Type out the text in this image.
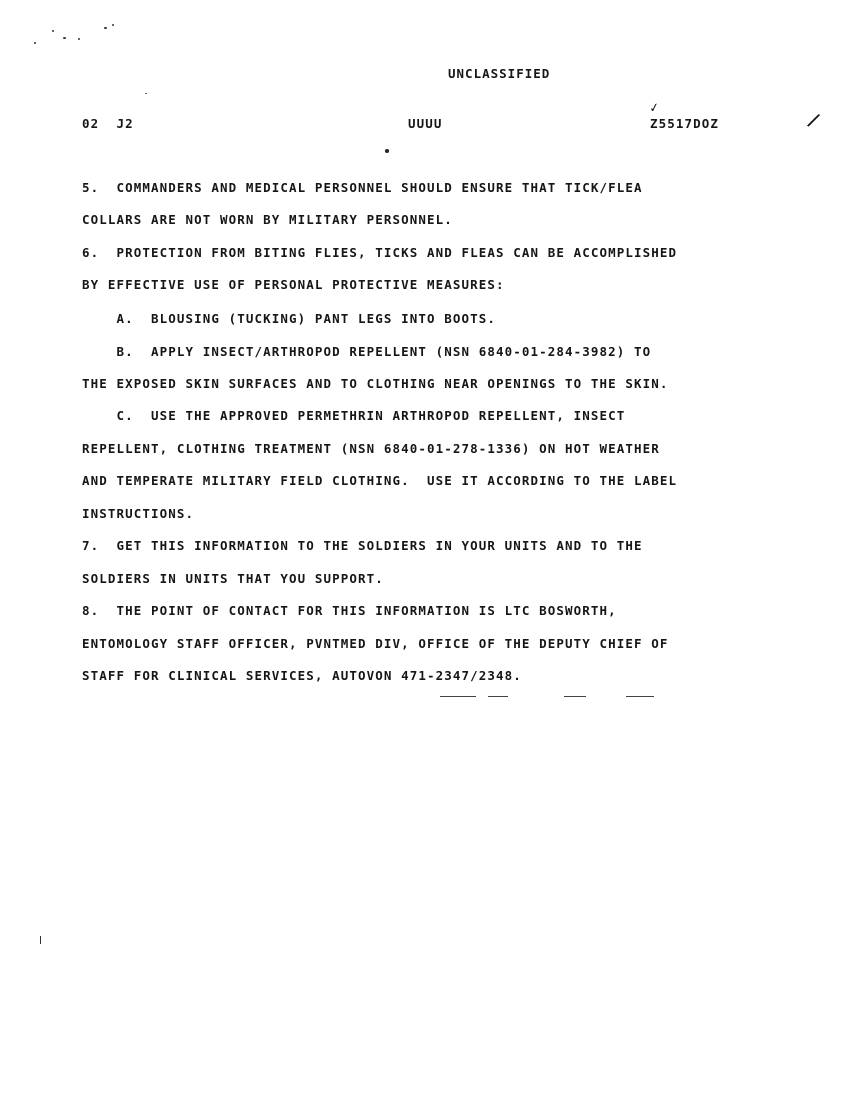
UNCLASSIFIED
02  J2	UUUU
✓
Z5517DOZ	/
5.  COMMANDERS AND MEDICAL PERSONNEL SHOULD ENSURE THAT TICK/FLEA
COLLARS ARE NOT WORN BY MILITARY PERSONNEL.
6.  PROTECTION FROM BITING FLIES, TICKS AND FLEAS CAN BE ACCOMPLISHED
BY EFFECTIVE USE OF PERSONAL PROTECTIVE MEASURES:
A.  BLOUSING (TUCKING) PANT LEGS INTO BOOTS.
B.  APPLY INSECT/ARTHROPOD REPELLENT (NSN 6840-01-284-3982) TO
THE EXPOSED SKIN SURFACES AND TO CLOTHING NEAR OPENINGS TO THE SKIN.
C.  USE THE APPROVED PERMETHRIN ARTHROPOD REPELLENT, INSECT
REPELLENT, CLOTHING TREATMENT (NSN 6840-01-278-1336) ON HOT WEATHER
AND TEMPERATE MILITARY FIELD CLOTHING.  USE IT ACCORDING TO THE LABEL
INSTRUCTIONS.
7.  GET THIS INFORMATION TO THE SOLDIERS IN YOUR UNITS AND TO THE
SOLDIERS IN UNITS THAT YOU SUPPORT.
8.  THE POINT OF CONTACT FOR THIS INFORMATION IS LTC BOSWORTH,
ENTOMOLOGY STAFF OFFICER, PVNTMED DIV, OFFICE OF THE DEPUTY CHIEF OF
STAFF FOR CLINICAL SERVICES, AUTOVON 471-2347/2348.
